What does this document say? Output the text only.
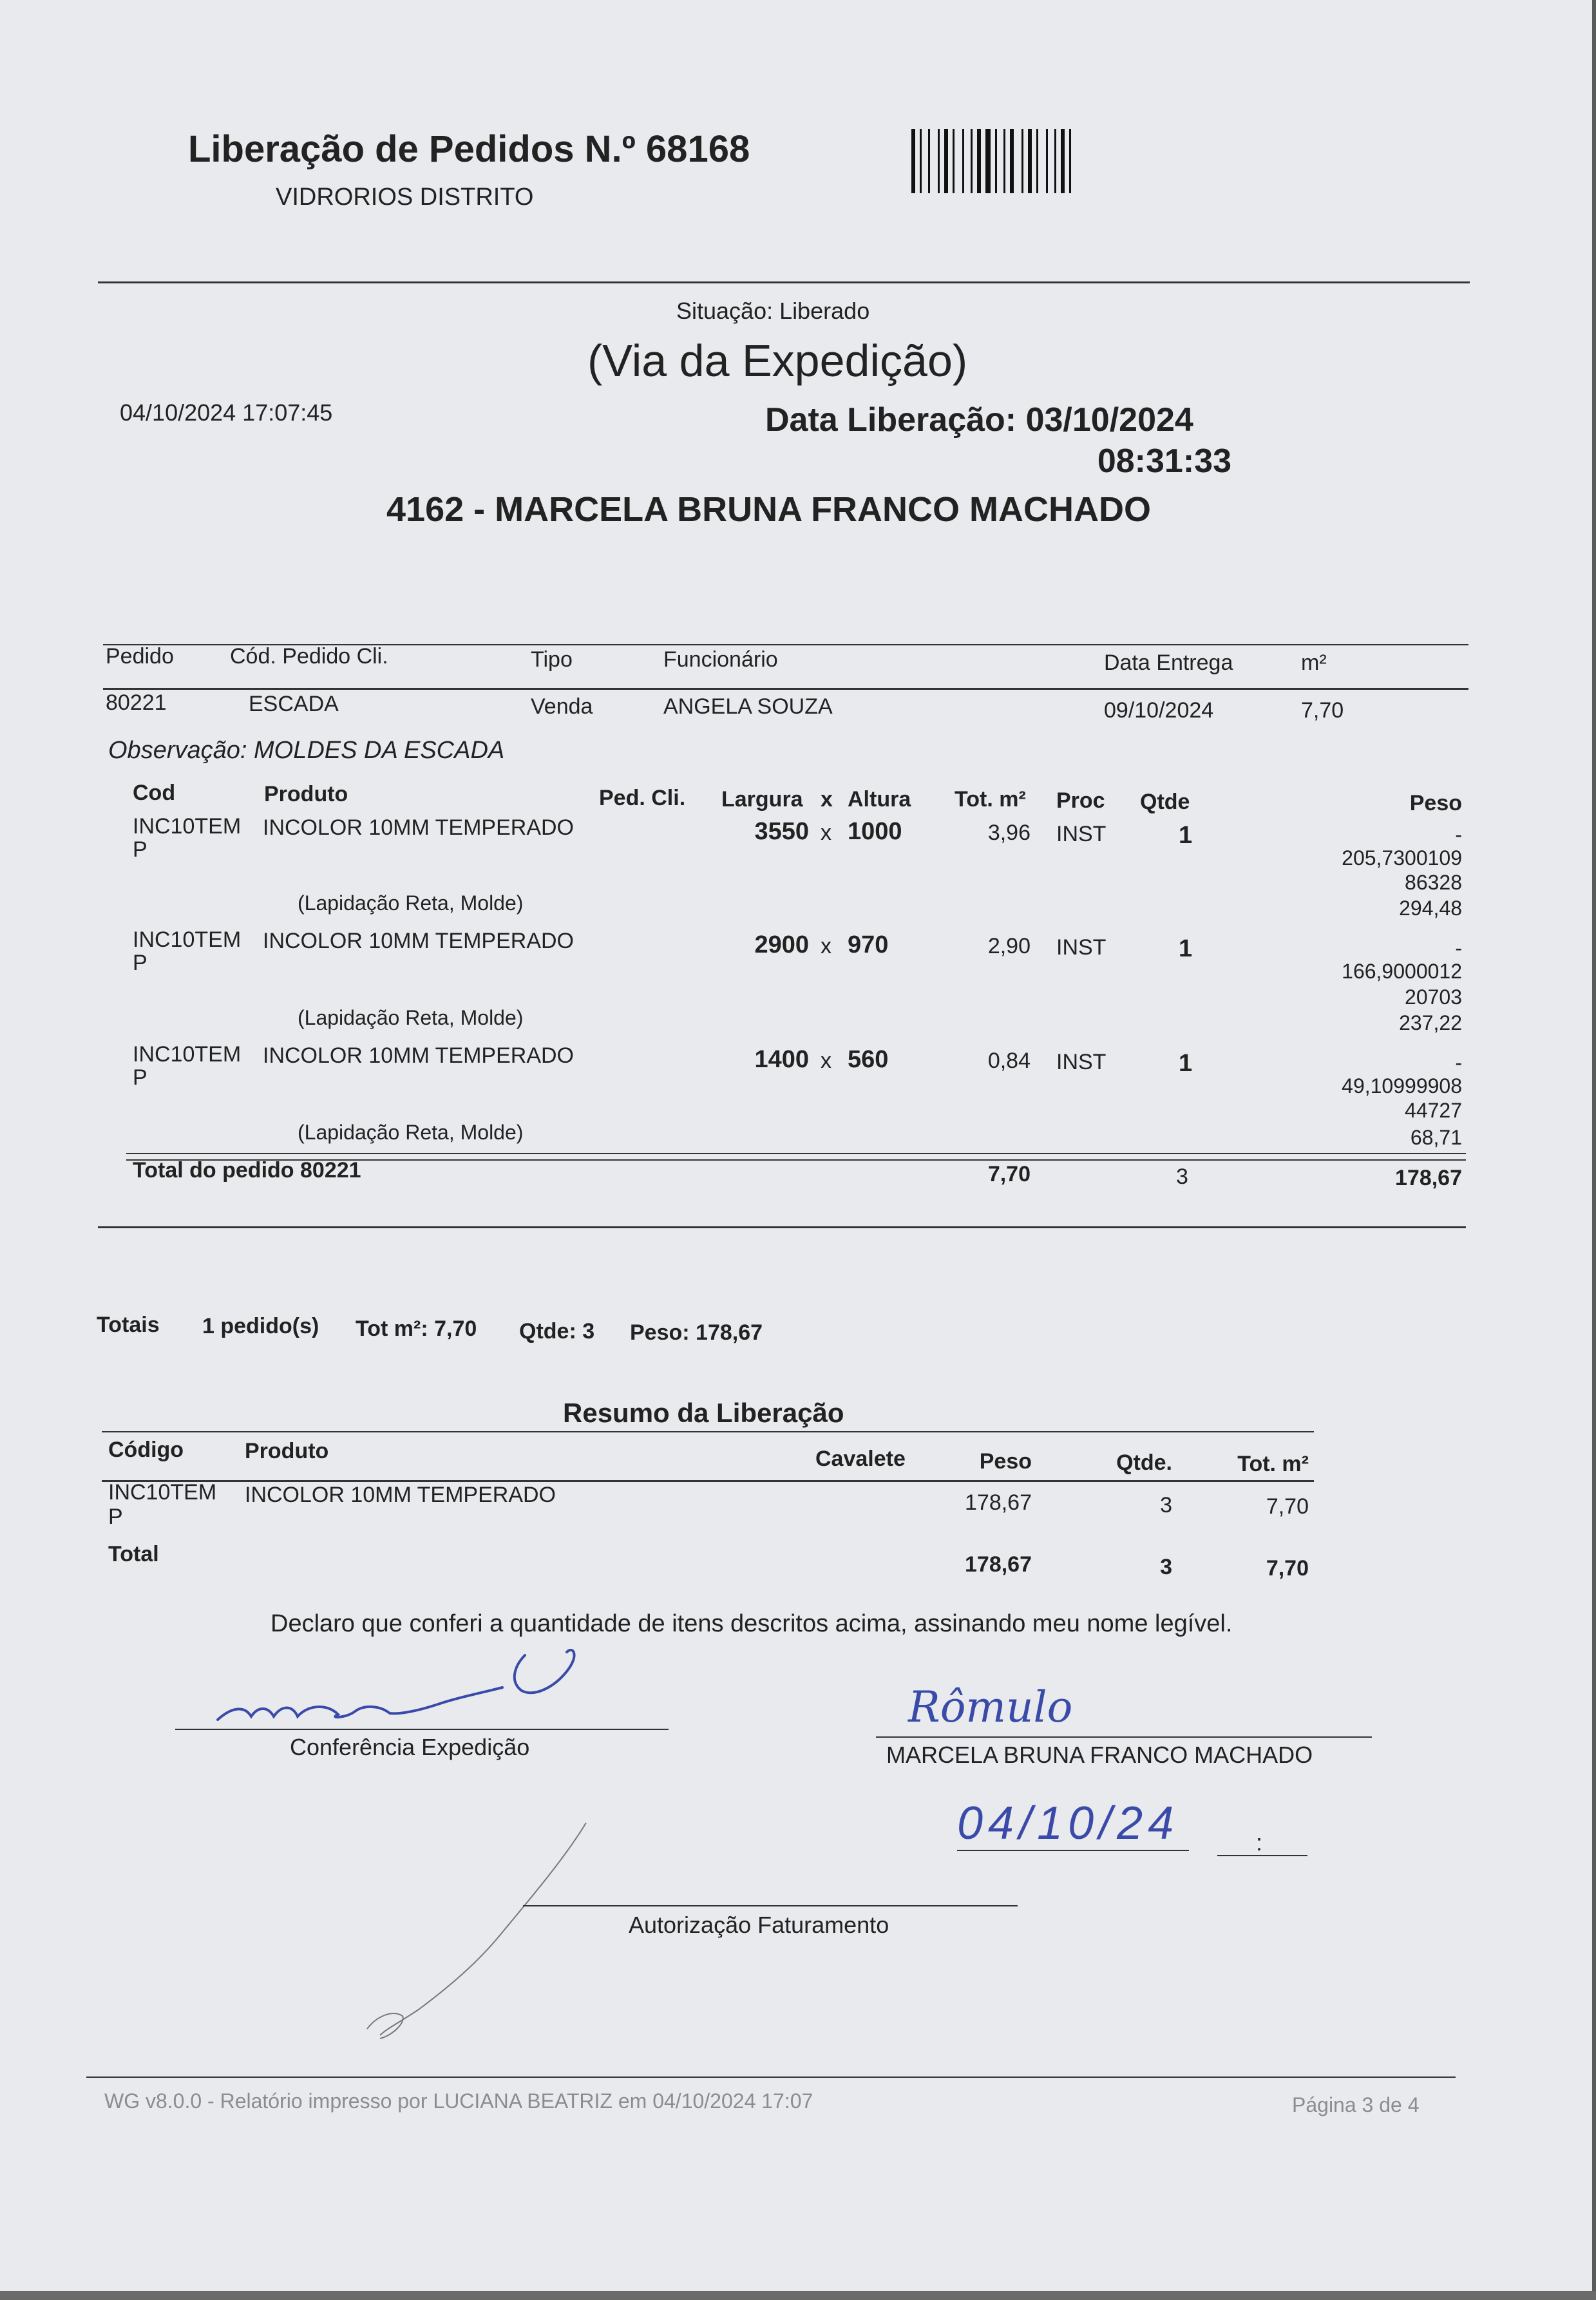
Liberação de Pedidos N.º 68168
VIDRORIOS DISTRITO
Situação: Liberado
(Via da Expedição)
04/10/2024 17:07:45	Data Liberação: 03/10/2024
08:31:33
4162 - MARCELA BRUNA FRANCO MACHADO
Pedido	Cód. Pedido Cli.	Tipo	Funcionário	Data Entrega	m²
80221	ESCADA	Venda	ANGELA SOUZA	09/10/2024	7,70
Observação: MOLDES DA ESCADA
Cod	Produto	Ped. Cli. Largura x Altura Tot. m² Proc Qtde	Peso
INC10TEM
P
INCOLOR 10MM TEMPERADO	3550 x 1000	3,96 INST	1	-
205,7300109
86328
294,48
(Lapidação Reta, Molde)
INC10TEM
P
INCOLOR 10MM TEMPERADO	2900 x 970	2,90 INST	1	-
166,9000012
20703
237,22
(Lapidação Reta, Molde)
INC10TEM
P
INCOLOR 10MM TEMPERADO	1400 x 560	0,84 INST	1	-
49,10999908
44727
68,71
(Lapidação Reta, Molde)
Total do pedido 80221	7,70	3	178,67
Totais 1 pedido(s) Tot m²: 7,70 Qtde: 3 Peso: 178,67
Resumo da Liberação
Código	Produto	Cavalete	Peso	Qtde.	Tot. m²
INC10TEM
P
INCOLOR 10MM TEMPERADO	178,67	3	7,70
Total	178,67	3	7,70
Declaro que conferi a quantidade de itens descritos acima, assinando meu nome legível.
Conferência Expedição
Rômulo
MARCELA BRUNA FRANCO MACHADO
04/10/24	:
Autorização Faturamento
WG v8.0.0 - Relatório impresso por LUCIANA BEATRIZ em 04/10/2024 17:07	Página 3 de 4
